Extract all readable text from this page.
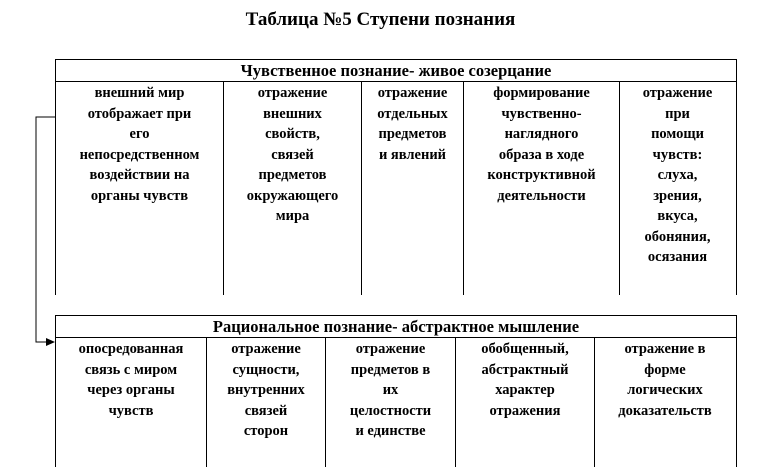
Таблица №5 Ступени познания
Чувственное познание- живое созерцание
внешний мир
отображает при
его
непосредственном
воздействии на
органы чувств
отражение
внешних
свойств,
связей
предметов
окружающего
мира
отражение
отдельных
предметов
и явлений
формирование
чувственно-
наглядного
образа в ходе
конструктивной
деятельности
отражение
при
помощи
чувств:
слуха,
зрения,
вкуса,
обоняния,
осязания
Рациональное познание- абстрактное мышление
опосредованная
связь с миром
через органы
чувств
отражение
сущности,
внутренних
связей
сторон
отражение
предметов в
их
целостности
и единстве
обобщенный,
абстрактный
характер
отражения
отражение в
форме
логических
доказательств
